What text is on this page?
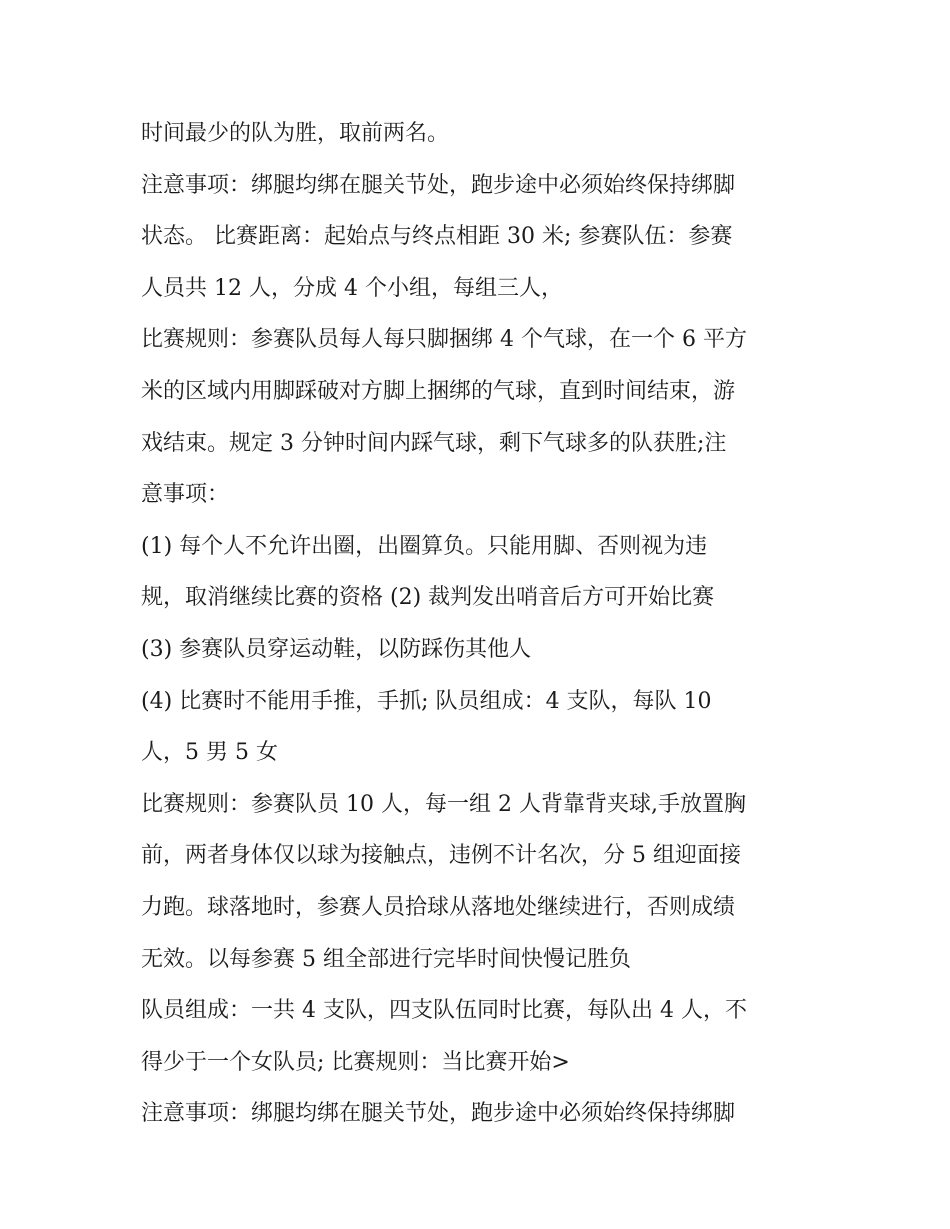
时间最少的队为胜，取前两名。
注意事项：绑腿均绑在腿关节处，跑步途中必须始终保持绑脚
状态。 比赛距离：起始点与终点相距 30 米; 参赛队伍：参赛
人员共 12 人，分成 4 个小组，每组三人，
比赛规则：参赛队员每人每只脚捆绑 4 个气球，在一个 6 平方
米的区域内用脚踩破对方脚上捆绑的气球，直到时间结束，游
戏结束。规定 3 分钟时间内踩气球，剩下气球多的队获胜;注
意事项：
(1) 每个人不允许出圈，出圈算负。只能用脚、否则视为违
规，取消继续比赛的资格 (2) 裁判发出哨音后方可开始比赛
(3) 参赛队员穿运动鞋，以防踩伤其他人
(4) 比赛时不能用手推，手抓; 队员组成：4 支队，每队 10
人，5 男 5 女
比赛规则：参赛队员 10 人，每一组 2 人背靠背夹球,手放置胸
前，两者身体仅以球为接触点，违例不计名次，分 5 组迎面接
力跑。球落地时，参赛人员拾球从落地处继续进行，否则成绩
无效。以每参赛 5 组全部进行完毕时间快慢记胜负
队员组成：一共 4 支队，四支队伍同时比赛，每队出 4 人，不
得少于一个女队员; 比赛规则：当比赛开始>
注意事项：绑腿均绑在腿关节处，跑步途中必须始终保持绑脚
